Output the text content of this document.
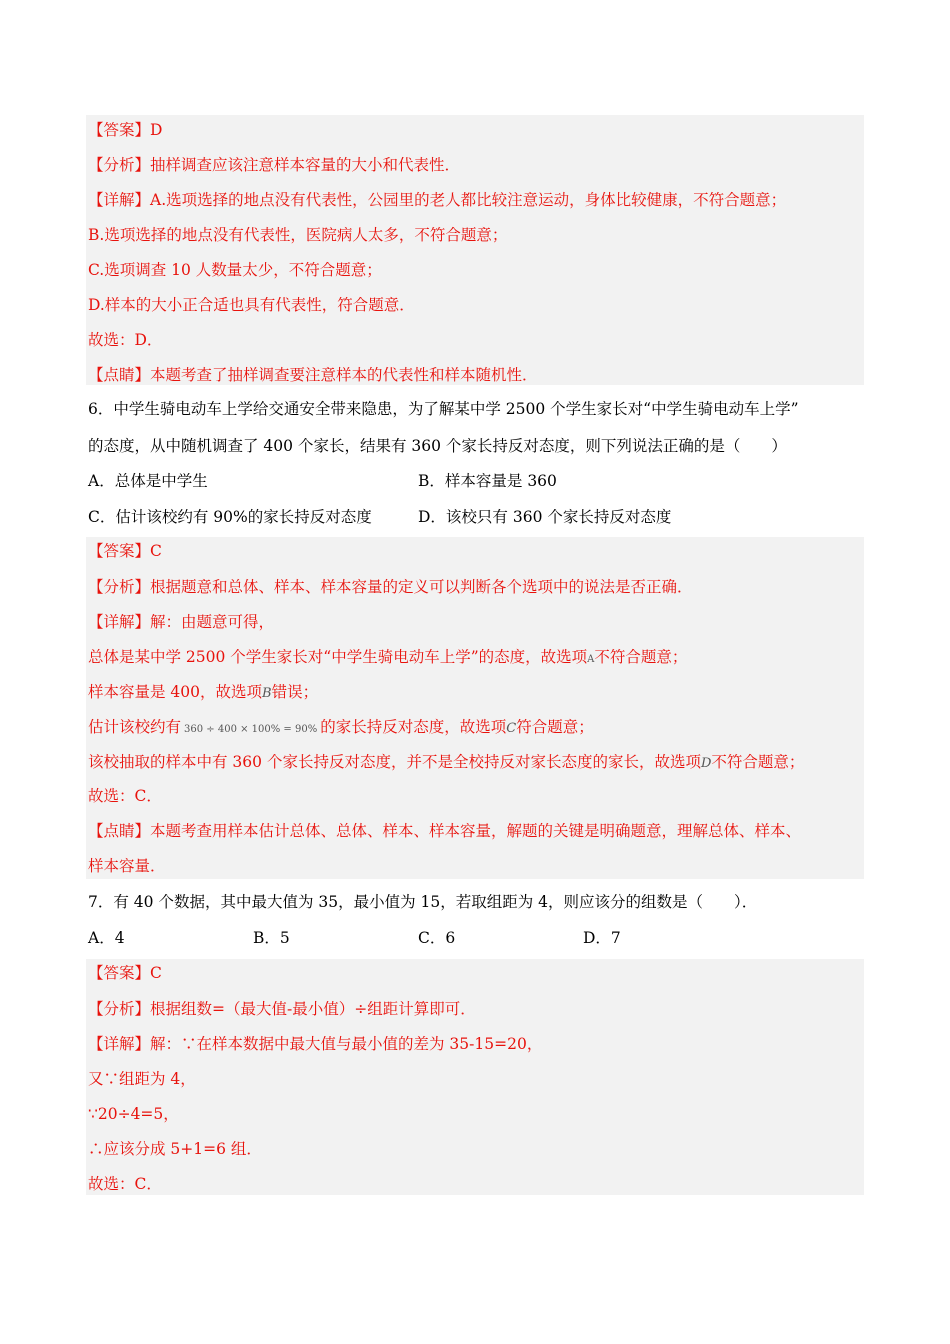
【答案】D
【分析】抽样调查应该注意样本容量的大小和代表性．
【详解】A.选项选择的地点没有代表性，公园里的老人都比较注意运动，身体比较健康，不符合题意；
B.选项选择的地点没有代表性，医院病人太多，不符合题意；
C.选项调查 10 人数量太少，不符合题意；
D.样本的大小正合适也具有代表性，符合题意．
故选：D．
【点睛】本题考查了抽样调查要注意样本的代表性和样本随机性．
6．中学生骑电动车上学给交通安全带来隐患，为了解某中学 2500 个学生家长对“中学生骑电动车上学”
的态度，从中随机调查了 400 个家长，结果有 360 个家长持反对态度，则下列说法正确的是（　　）
A．总体是中学生	B．样本容量是 360
C．估计该校约有 90%的家长持反对态度	D．该校只有 360 个家长持反对态度
【答案】C
【分析】根据题意和总体、样本、样本容量的定义可以判断各个选项中的说法是否正确．
【详解】解：由题意可得，
总体是某中学 2500 个学生家长对“中学生骑电动车上学”的态度，故选项A不符合题意；
样本容量是 400，故选项B错误；
估计该校约有 360 ÷ 400 × 100% = 90% 的家长持反对态度，故选项C符合题意；
该校抽取的样本中有 360 个家长持反对态度，并不是全校持反对家长态度的家长，故选项D不符合题意；
故选：C．
【点睛】本题考查用样本估计总体、总体、样本、样本容量，解题的关键是明确题意，理解总体、样本、
样本容量．
7．有 40 个数据，其中最大值为 35，最小值为 15，若取组距为 4，则应该分的组数是（　　）．
A．4	B．5	C．6	D．7
【答案】C
【分析】根据组数=（最大值-最小值）÷组距计算即可．
【详解】解：∵在样本数据中最大值与最小值的差为 35-15=20，
又∵组距为 4，
∵20÷4=5，
∴应该分成 5+1=6 组．
故选：C．
